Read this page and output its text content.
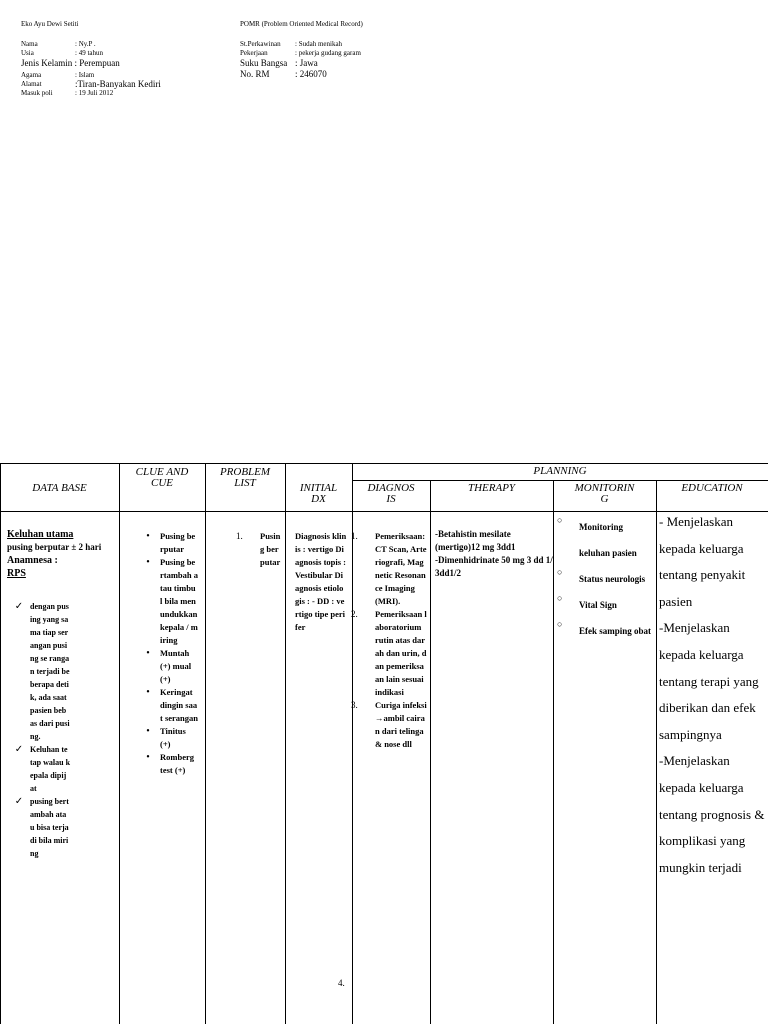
Eko Ayu Dewi Setiti	POMR (Problem Oriented Medical Record)
Nama	: Ny.P .
Usia	: 49 tahun
Jenis Kelamin
: Perempuan
Agama	: Islam
Alamat	:Tiran-Banyakan Kediri
Masuk poli	: 19 Juli 2012
St.Perkawinan	: Sudah menikah
Pekerjaan	: pekerja gudang garam
Suku Bangsa : Jawa
No. RM	: 246070
DATA BASE
CLUE AND
CUE
PROBLEM
LIST	INITIAL
DX
PLANNING
DIAGNOS
IS
THERAPY	MONITORIN
G
EDUCATION
Keluhan utama
pusing berputar ± 2 hari
Anamnesa :
RPS
✓ dengan pusing yang sama tiap serangan pusing se rangan terjadi beberapa detik, ada saat pasien bebas dari pusing.
✓ Keluhan tetap walau kepala dipijat
✓ pusing bertambah atau bisa terjadi bila miring
•	Pusing berputar
•	Pusing bertambah atau timbul bila menundukkan kepala / miring
•	Muntah (+) mual (+)
•	Keringat dingin saat serangan
•	Tinitus (+)
•	Romberg test (+)
1.	Pusing berputar
Diagnosis klinis : vertigo Diagnosis topis : Vestibular Diagnosis etiologis : - DD : vertigo tipe perifer
1.	Pemeriksaan: CT Scan, Arteriografi, Magnetic Resonance Imaging (MRI).
2.	Pemeriksaan laboratorium rutin atas darah dan urin, dan pemeriksaan lain sesuai indikasi
3.	Curiga infeksi →ambil cairan dari telinga& nose dll
4.
-Betahistin mesilate (mertigo)12 mg 3dd1
-Dimenhidrinate 50 mg 3 dd 1/ 3dd1/2
○
Monitoring keluhan pasien
○
Status neurologis
○
Vital Sign
○
Efek samping obat
- Menjelaskan kepada keluarga tentang penyakit pasien
-Menjelaskan kepada keluarga tentang terapi yang diberikan dan efek sampingnya
-Menjelaskan kepada keluarga tentang prognosis & komplikasi yang mungkin terjadi
